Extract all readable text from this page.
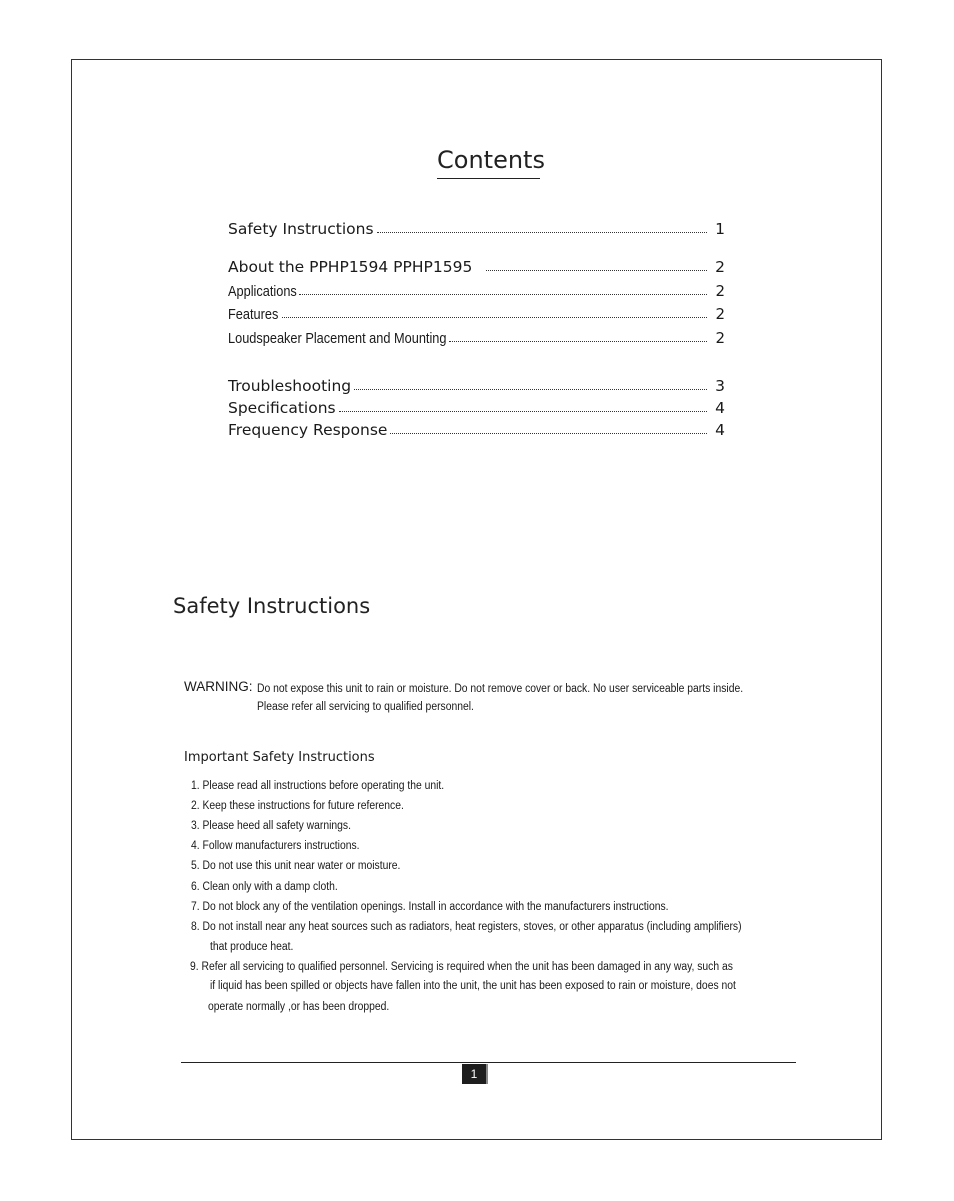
Contents
Safety Instructions	1
About the PPHP1594 PPHP1595	2
Applications	2
Features	2
Loudspeaker Placement and Mounting	2
Troubleshooting	3
Specifications	4
Frequency Response	4
Safety Instructions
WARNING: Do not expose this unit to rain or moisture. Do not remove cover or back. No user serviceable parts inside.
Please refer all servicing to qualified personnel.
Important Safety Instructions
1. Please read all instructions before operating the unit.
2. Keep these instructions for future reference.
3. Please heed all safety warnings.
4. Follow manufacturers instructions.
5. Do not use this unit near water or moisture.
6. Clean only with a damp cloth.
7. Do not block any of the ventilation openings. Install in accordance with the manufacturers instructions.
8. Do not install near any heat sources such as radiators, heat registers, stoves, or other apparatus (including amplifiers)
that produce heat.
9. Refer all servicing to qualified personnel. Servicing is required when the unit has been damaged in any way, such as
if liquid has been spilled or objects have fallen into the unit, the unit has been exposed to rain or moisture, does not
operate normally ,or has been dropped.
1
